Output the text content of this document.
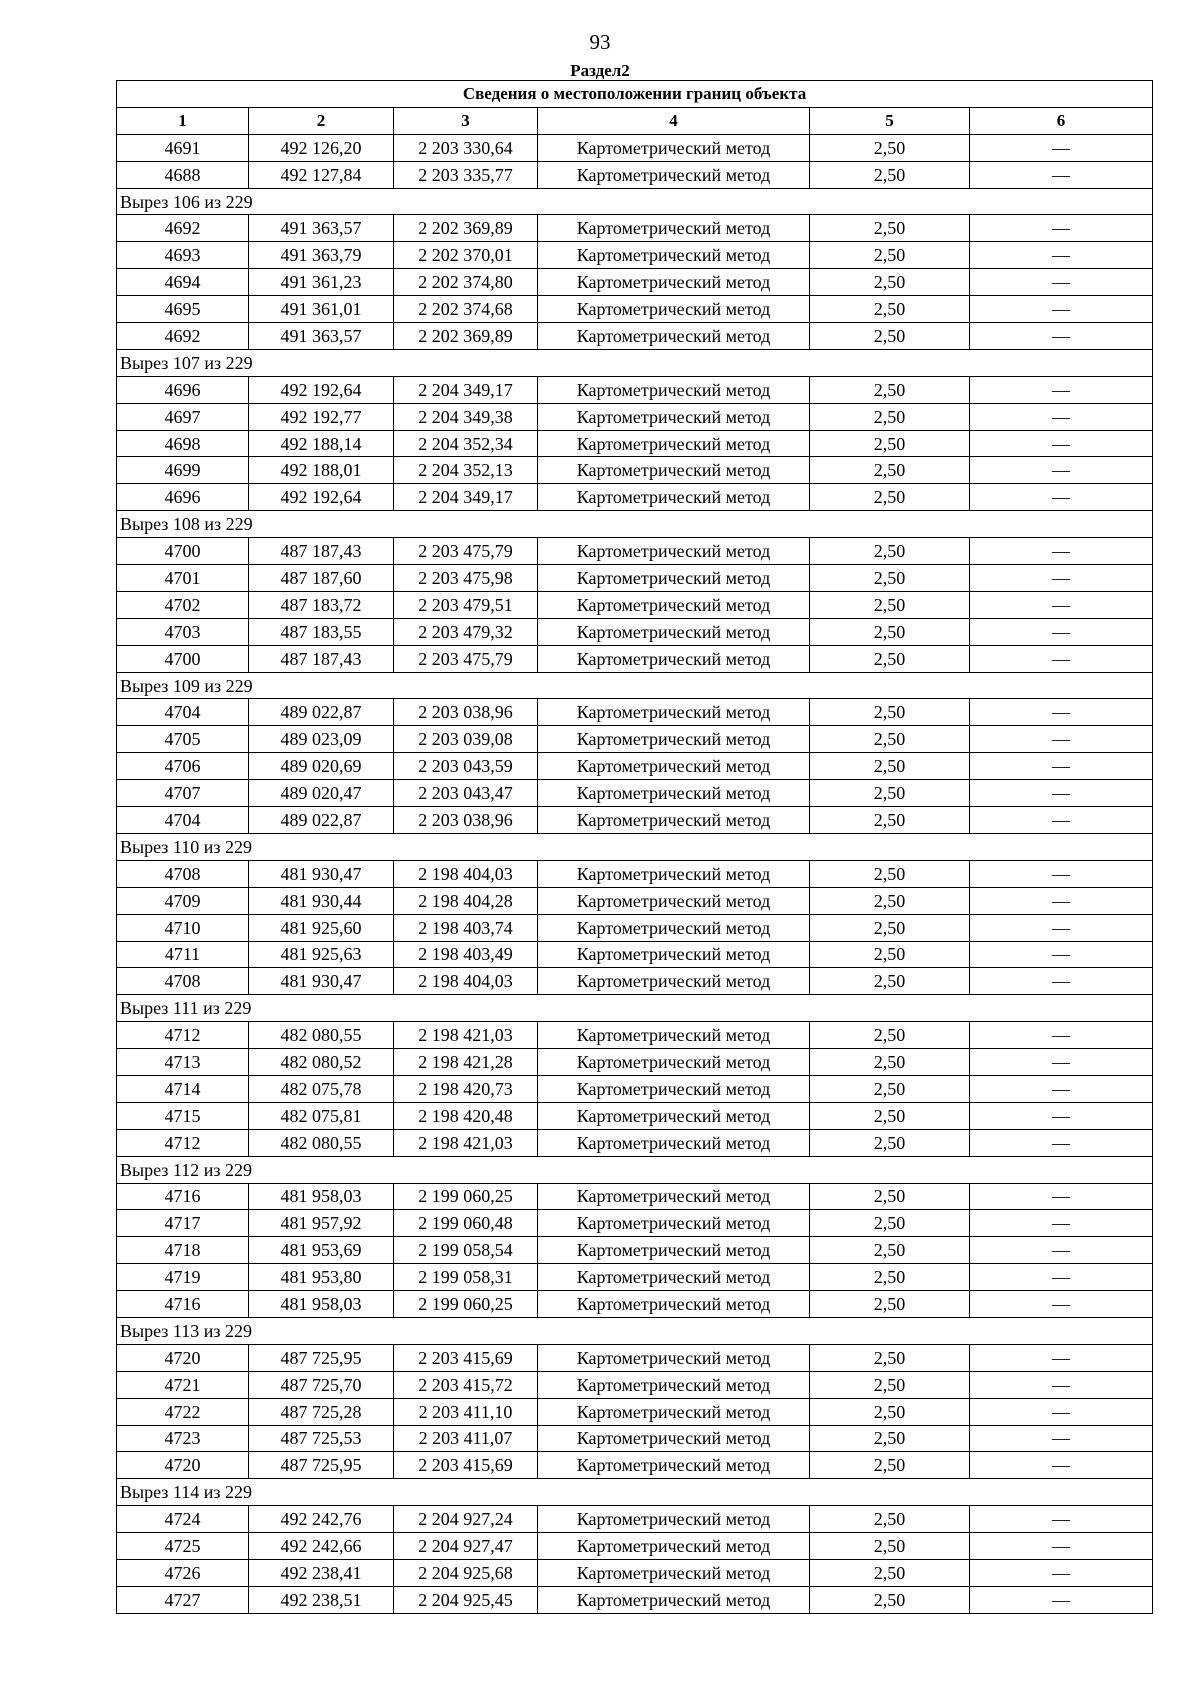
93
Раздел2
Сведения о местоположении границ объекта					
1	2	3	4	5	6
4691	492 126,20	2 203 330,64	Картометрический метод	2,50	—
4688	492 127,84	2 203 335,77	Картометрический метод	2,50	—
Вырез 106 из 229					
4692	491 363,57	2 202 369,89	Картометрический метод	2,50	—
4693	491 363,79	2 202 370,01	Картометрический метод	2,50	—
4694	491 361,23	2 202 374,80	Картометрический метод	2,50	—
4695	491 361,01	2 202 374,68	Картометрический метод	2,50	—
4692	491 363,57	2 202 369,89	Картометрический метод	2,50	—
Вырез 107 из 229					
4696	492 192,64	2 204 349,17	Картометрический метод	2,50	—
4697	492 192,77	2 204 349,38	Картометрический метод	2,50	—
4698	492 188,14	2 204 352,34	Картометрический метод	2,50	—
4699	492 188,01	2 204 352,13	Картометрический метод	2,50	—
4696	492 192,64	2 204 349,17	Картометрический метод	2,50	—
Вырез 108 из 229					
4700	487 187,43	2 203 475,79	Картометрический метод	2,50	—
4701	487 187,60	2 203 475,98	Картометрический метод	2,50	—
4702	487 183,72	2 203 479,51	Картометрический метод	2,50	—
4703	487 183,55	2 203 479,32	Картометрический метод	2,50	—
4700	487 187,43	2 203 475,79	Картометрический метод	2,50	—
Вырез 109 из 229					
4704	489 022,87	2 203 038,96	Картометрический метод	2,50	—
4705	489 023,09	2 203 039,08	Картометрический метод	2,50	—
4706	489 020,69	2 203 043,59	Картометрический метод	2,50	—
4707	489 020,47	2 203 043,47	Картометрический метод	2,50	—
4704	489 022,87	2 203 038,96	Картометрический метод	2,50	—
Вырез 110 из 229					
4708	481 930,47	2 198 404,03	Картометрический метод	2,50	—
4709	481 930,44	2 198 404,28	Картометрический метод	2,50	—
4710	481 925,60	2 198 403,74	Картометрический метод	2,50	—
4711	481 925,63	2 198 403,49	Картометрический метод	2,50	—
4708	481 930,47	2 198 404,03	Картометрический метод	2,50	—
Вырез 111 из 229					
4712	482 080,55	2 198 421,03	Картометрический метод	2,50	—
4713	482 080,52	2 198 421,28	Картометрический метод	2,50	—
4714	482 075,78	2 198 420,73	Картометрический метод	2,50	—
4715	482 075,81	2 198 420,48	Картометрический метод	2,50	—
4712	482 080,55	2 198 421,03	Картометрический метод	2,50	—
Вырез 112 из 229					
4716	481 958,03	2 199 060,25	Картометрический метод	2,50	—
4717	481 957,92	2 199 060,48	Картометрический метод	2,50	—
4718	481 953,69	2 199 058,54	Картометрический метод	2,50	—
4719	481 953,80	2 199 058,31	Картометрический метод	2,50	—
4716	481 958,03	2 199 060,25	Картометрический метод	2,50	—
Вырез 113 из 229					
4720	487 725,95	2 203 415,69	Картометрический метод	2,50	—
4721	487 725,70	2 203 415,72	Картометрический метод	2,50	—
4722	487 725,28	2 203 411,10	Картометрический метод	2,50	—
4723	487 725,53	2 203 411,07	Картометрический метод	2,50	—
4720	487 725,95	2 203 415,69	Картометрический метод	2,50	—
Вырез 114 из 229					
4724	492 242,76	2 204 927,24	Картометрический метод	2,50	—
4725	492 242,66	2 204 927,47	Картометрический метод	2,50	—
4726	492 238,41	2 204 925,68	Картометрический метод	2,50	—
4727	492 238,51	2 204 925,45	Картометрический метод	2,50	—
